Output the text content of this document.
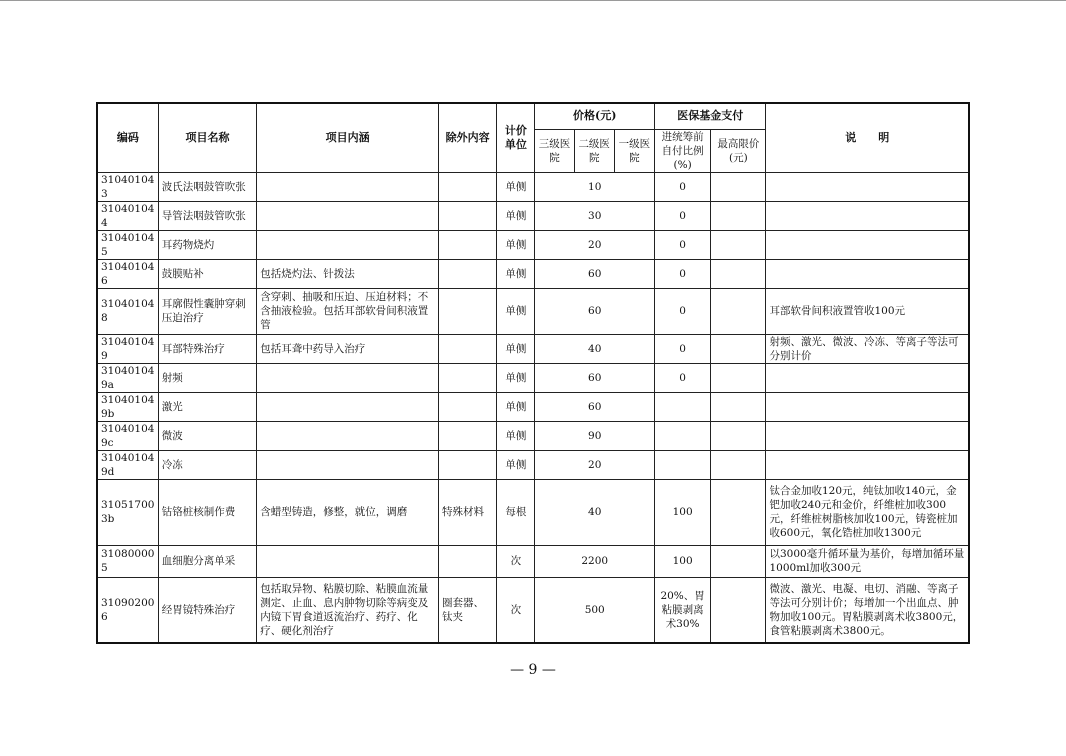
编码	项目名称	项目内涵	除外内容	计价单位	价格(元)			医保基金支付		说　　明
					三级医院	二级医院	一级医院	进统筹前自付比例(%)	最高限价(元)	
310401043	波氏法咽鼓管吹张			单侧	10			0		
310401044	导管法咽鼓管吹张			单侧	30			0		
310401045	耳药物烧灼			单侧	20			0		
310401046	鼓膜贴补	包括烧灼法、针拨法		单侧	60			0		
310401048	耳廓假性囊肿穿刺压迫治疗	含穿刺、抽吸和压迫、压迫材料；不含抽液检验。包括耳部软骨间积液置管		单侧	60			0		耳部软骨间积液置管收100元
310401049	耳部特殊治疗	包括耳聋中药导入治疗		单侧	40			0		射频、激光、微波、冷冻、等离子等法可分别计价
310401049a	射频			单侧	60			0		
310401049b	激光			单侧	60					
310401049c	微波			单侧	90					
310401049d	冷冻			单侧	20					
310517003b	钴铬桩核制作费	含蜡型铸造，修整，就位，调磨	特殊材料	每根	40			100		钛合金加收120元，纯钛加收140元，金钯加收240元和金价，纤维桩加收300元，纤维桩树脂核加收100元，铸瓷桩加收600元，氧化锆桩加收1300元
310800005	血细胞分离单采			次	2200			100		以3000毫升循环量为基价，每增加循环量1000ml加收300元
310902006	经胃镜特殊治疗	包括取异物、粘膜切除、粘膜血流量测定、止血、息内肿物切除等病变及内镜下胃食道返流治疗、药疗、化疗、硬化剂治疗	圈套器、钛夹	次	500			20%、胃粘膜剥离术30%		微波、激光、电凝、电切、消融、等离子等法可分别计价；每增加一个出血点、肿物加收100元。胃粘膜剥离术收3800元，食管粘膜剥离术3800元。
— 9 —
